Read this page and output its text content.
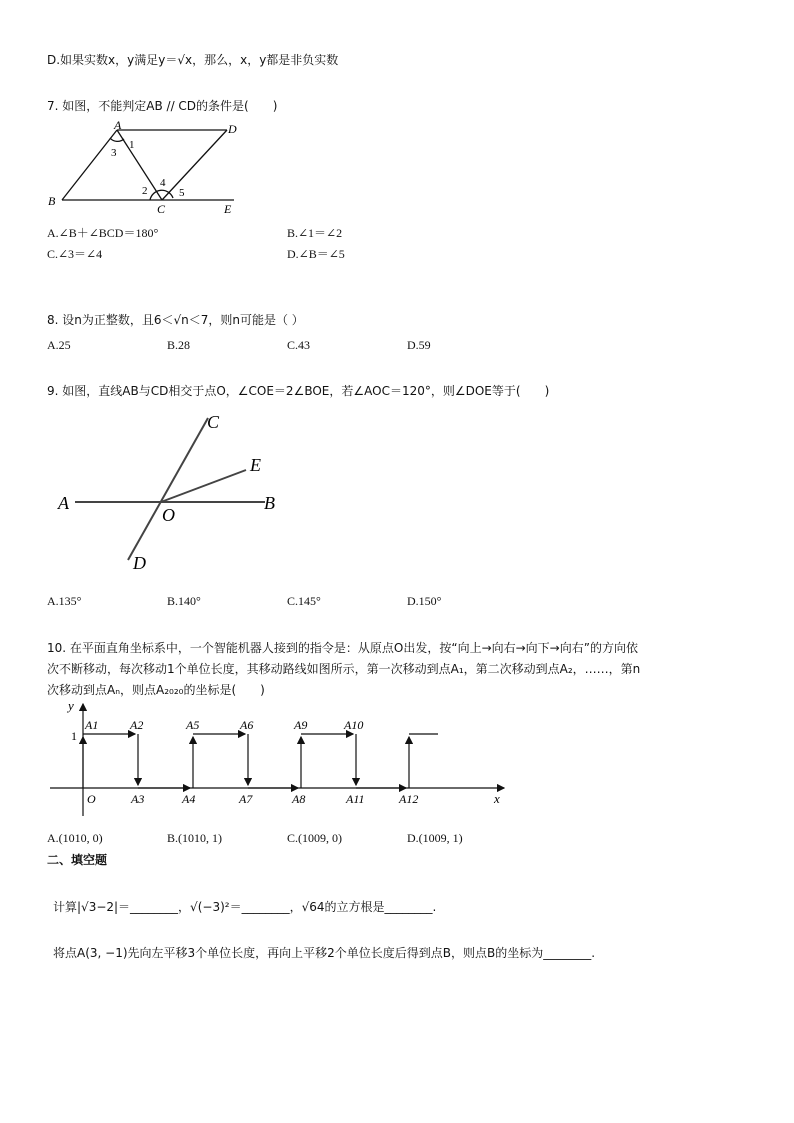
D.如果实数x，y满足y＝√x，那么，x，y都是非负实数
7. 如图，不能判定AB // CD的条件是(　　)
A	D
3
1
B
2
4
5
C	E
A.∠B＋∠BCD＝180°	B.∠1＝∠2
C.∠3＝∠4	D.∠B＝∠5
8. 设n为正整数，且6＜√n＜7，则n可能是（ ）
A.25	B.28	C.43	D.59
9. 如图，直线AB与CD相交于点O，∠COE＝2∠BOE，若∠AOC＝120°，则∠DOE等于(　　)
C
E
A
O
B
D
A.135°	B.140°	C.145°	D.150°
10. 在平面直角坐标系中，一个智能机器人接到的指令是：从原点O出发，按“向上→向右→向下→向右”的方向依
次不断移动，每次移动1个单位长度，其移动路线如图所示，第一次移动到点A₁，第二次移动到点A₂，……，第n
次移动到点Aₙ，则点A₂₀₂₀的坐标是(　　)
y
x
1
O
A1	A2	A5	A6	A9	A10
A3	A4	A7	A8	A11	A12
A.(1010, 0)	B.(1010, 1)	C.(1009, 0)	D.(1009, 1)
二、填空题
计算|√3−2|＝________，√(−3)²＝________，√64的立方根是________.
将点A(3, −1)先向左平移3个单位长度，再向上平移2个单位长度后得到点B，则点B的坐标为________.
